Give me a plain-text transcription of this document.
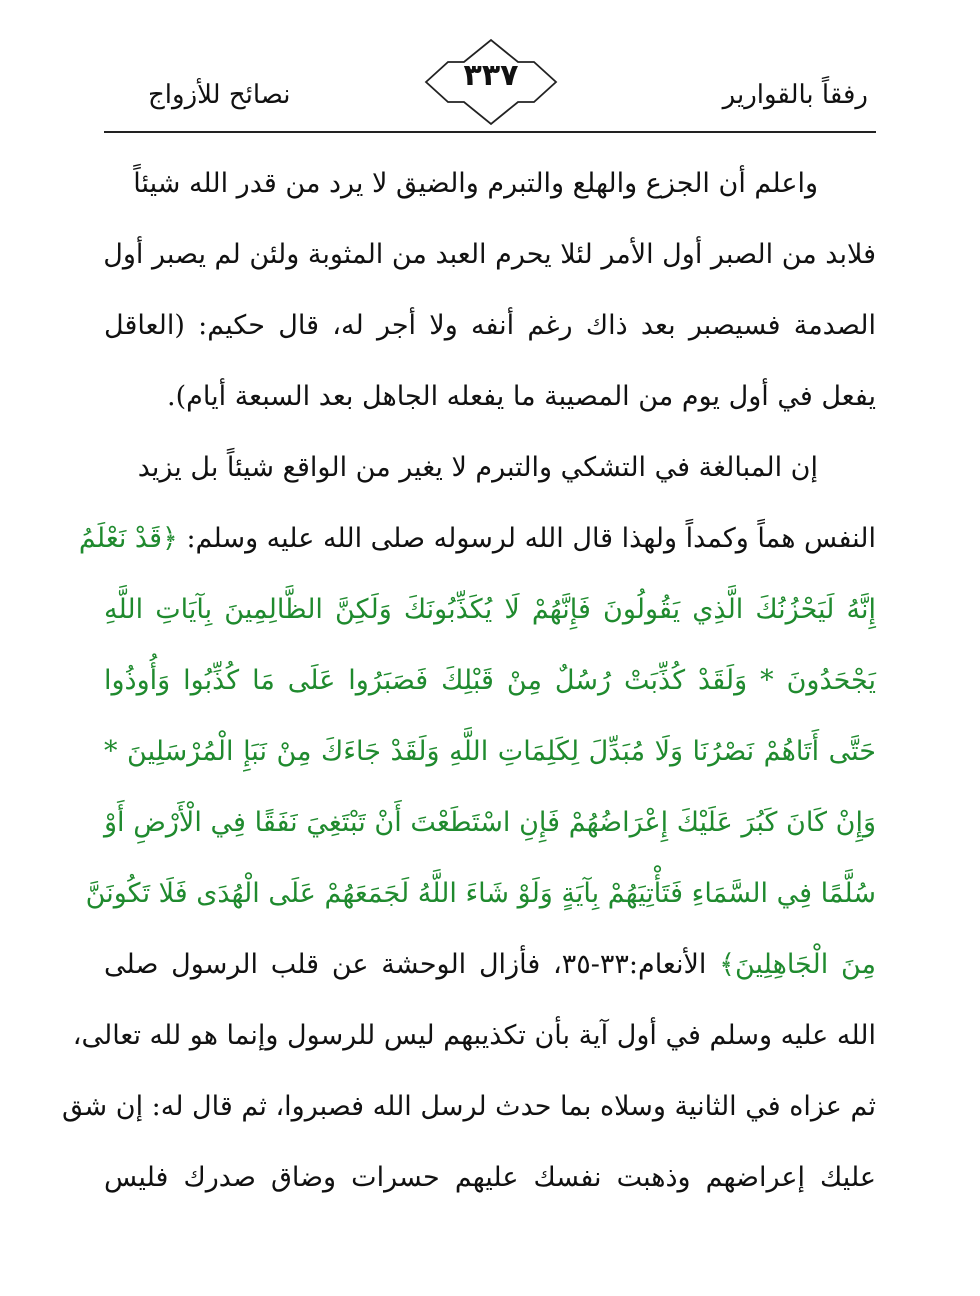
رفقاً بالقوارير
٣٣٧
نصائح للأزواج
واعلم أن الجزع والهلع والتبرم والضيق لا يرد من قدر الله شيئاً
فلابد من الصبر أول الأمر لئلا يحرم العبد من المثوبة ولئن لم يصبر أول
الصدمة فسيصبر بعد ذاك رغم أنفه ولا أجر له، قال حكيم: (العاقل
يفعل في أول يوم من المصيبة ما يفعله الجاهل بعد السبعة أيام).
إن المبالغة في التشكي والتبرم لا يغير من الواقع شيئاً بل يزيد
النفس هماً وكمداً ولهذا قال الله لرسوله صلى الله عليه وسلم: ﴿قَدْ نَعْلَمُ
إِنَّهُ لَيَحْزُنُكَ الَّذِي يَقُولُونَ فَإِنَّهُمْ لَا يُكَذِّبُونَكَ وَلَكِنَّ الظَّالِمِينَ بِآيَاتِ اللَّهِ
يَجْحَدُونَ * وَلَقَدْ كُذِّبَتْ رُسُلٌ مِنْ قَبْلِكَ فَصَبَرُوا عَلَى مَا كُذِّبُوا وَأُوذُوا
حَتَّى أَتَاهُمْ نَصْرُنَا وَلَا مُبَدِّلَ لِكَلِمَاتِ اللَّهِ وَلَقَدْ جَاءَكَ مِنْ نَبَإِ الْمُرْسَلِينَ *
وَإِنْ كَانَ كَبُرَ عَلَيْكَ إِعْرَاضُهُمْ فَإِنِ اسْتَطَعْتَ أَنْ تَبْتَغِيَ نَفَقًا فِي الْأَرْضِ أَوْ
سُلَّمًا فِي السَّمَاءِ فَتَأْتِيَهُمْ بِآيَةٍ وَلَوْ شَاءَ اللَّهُ لَجَمَعَهُمْ عَلَى الْهُدَى فَلَا تَكُونَنَّ
مِنَ الْجَاهِلِينَ﴾ الأنعام:٣٣-٣٥، فأزال الوحشة عن قلب الرسول صلى
الله عليه وسلم في أول آية بأن تكذيبهم ليس للرسول وإنما هو لله تعالى،
ثم عزاه في الثانية وسلاه بما حدث لرسل الله فصبروا، ثم قال له: إن شق
عليك إعراضهم وذهبت نفسك عليهم حسرات وضاق صدرك فليس
